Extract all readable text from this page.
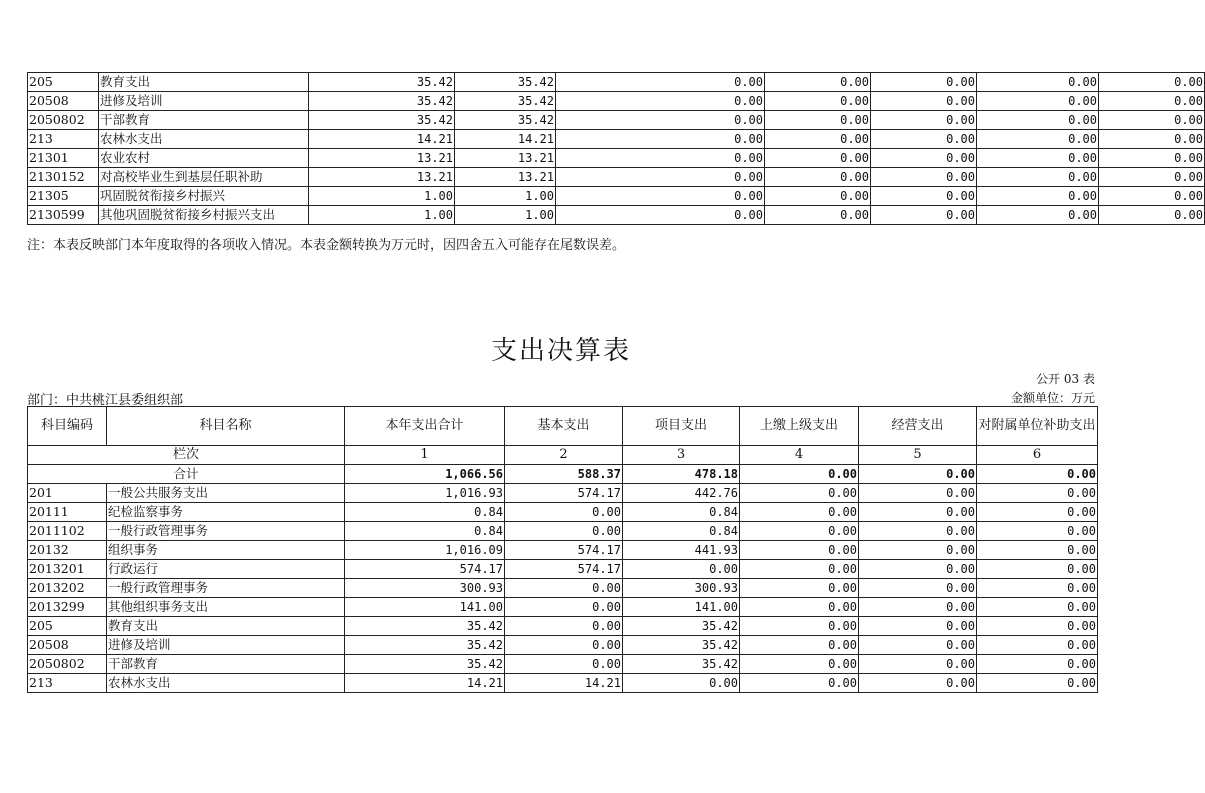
205	教育支出	35.42	35.42	0.00	0.00	0.00	0.00	0.00
20508	进修及培训	35.42	35.42	0.00	0.00	0.00	0.00	0.00
2050802	干部教育	35.42	35.42	0.00	0.00	0.00	0.00	0.00
213	农林水支出	14.21	14.21	0.00	0.00	0.00	0.00	0.00
21301	农业农村	13.21	13.21	0.00	0.00	0.00	0.00	0.00
2130152	对高校毕业生到基层任职补助	13.21	13.21	0.00	0.00	0.00	0.00	0.00
21305	巩固脱贫衔接乡村振兴	1.00	1.00	0.00	0.00	0.00	0.00	0.00
2130599	其他巩固脱贫衔接乡村振兴支出	1.00	1.00	0.00	0.00	0.00	0.00	0.00
注：本表反映部门本年度取得的各项收入情况。本表金额转换为万元时，因四舍五入可能存在尾数误差。
支出决算表
公开 03 表
部门：中共桃江县委组织部	金额单位：万元
科目编码	科目名称	本年支出合计	基本支出	项目支出	上缴上级支出	经营支出	对附属单位补助支出
栏次		1	2	3	4	5	6
合计		1,066.56	588.37	478.18	0.00	0.00	0.00
201	一般公共服务支出	1,016.93	574.17	442.76	0.00	0.00	0.00
20111	纪检监察事务	0.84	0.00	0.84	0.00	0.00	0.00
2011102	一般行政管理事务	0.84	0.00	0.84	0.00	0.00	0.00
20132	组织事务	1,016.09	574.17	441.93	0.00	0.00	0.00
2013201	行政运行	574.17	574.17	0.00	0.00	0.00	0.00
2013202	一般行政管理事务	300.93	0.00	300.93	0.00	0.00	0.00
2013299	其他组织事务支出	141.00	0.00	141.00	0.00	0.00	0.00
205	教育支出	35.42	0.00	35.42	0.00	0.00	0.00
20508	进修及培训	35.42	0.00	35.42	0.00	0.00	0.00
2050802	干部教育	35.42	0.00	35.42	0.00	0.00	0.00
213	农林水支出	14.21	14.21	0.00	0.00	0.00	0.00
